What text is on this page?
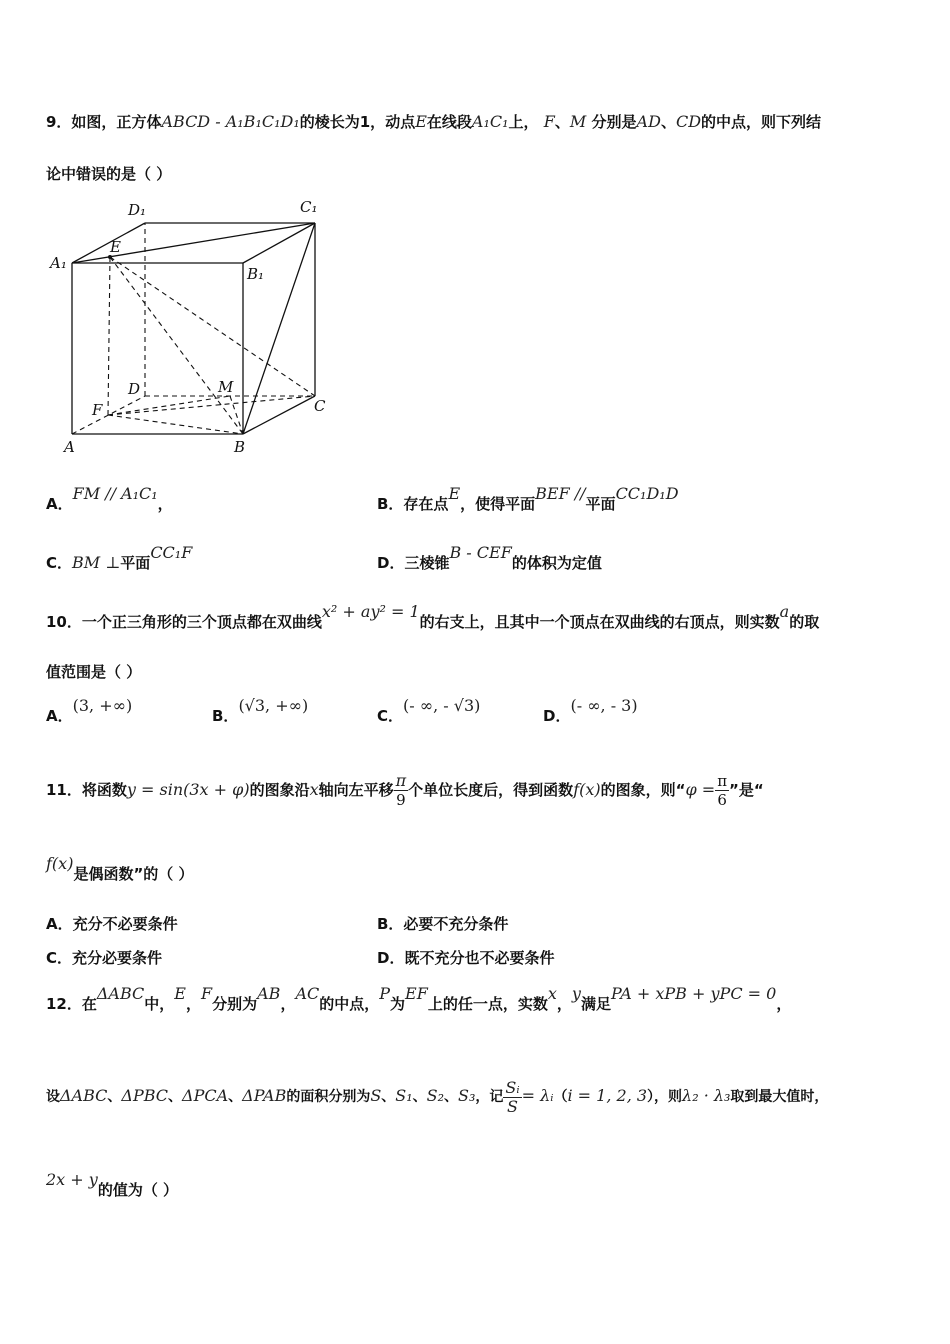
9．如图，正方体ABCD - A₁B₁C₁D₁的棱长为1，动点E在线段A₁C₁上， F、M 分别是AD、CD的中点，则下列结
论中错误的是（ ）
D₁	C₁
A₁
E
B₁
D	M
F	C
A	B
A．FM // A₁C₁，	B．存在点E，使得平面BEF //平面CC₁D₁D
C．BM ⊥平面CC₁F
D．三棱锥B - CEF的体积为定值
10．一个正三角形的三个顶点都在双曲线x² + ay² = 1的右支上，且其中一个顶点在双曲线的右顶点，则实数a的取
值范围是（ ）
A．(3, +∞)
B．(√3, +∞)
C．(- ∞, - √3)
D．(- ∞, - 3)
11．将函数y = sin(3x + φ)的图象沿x轴向左平移 $\frac{\pi}{9}$ 个单位长度后，得到函数f(x)的图象，则“$\varphi = \frac{\pi}{6}$ ”是“
f(x)是偶函数”的（ ）
A．充分不必要条件	B．必要不充分条件
C．充分必要条件	D．既不充分也不必要条件
12．在ΔABC中，E，F分别为AB，AC的中点，P为EF上的任一点，实数x，y满足PA + xPB + yPC = 0，
设ΔABC、ΔPBC、ΔPCA、ΔPAB的面积分别为S、S₁、S₂、S₃，记 $\frac{\text{Sᵢ}}{S}$ = λᵢ（i = 1, 2, 3），则λ₂ · λ₃取到最大值时，
2x + y的值为（ ）
